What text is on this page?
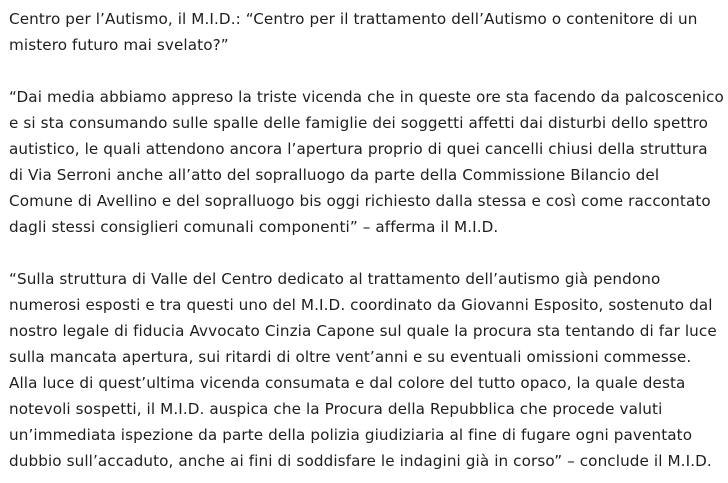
Centro per l’Autismo, il M.I.D.: “Centro per il trattamento dell’Autismo o contenitore di un
mistero futuro mai svelato?”

“Dai media abbiamo appreso la triste vicenda che in queste ore sta facendo da palcoscenico
e si sta consumando sulle spalle delle famiglie dei soggetti affetti dai disturbi dello spettro
autistico, le quali attendono ancora l’apertura proprio di quei cancelli chiusi della struttura
di Via Serroni anche all’atto del sopralluogo da parte della Commissione Bilancio del
Comune di Avellino e del sopralluogo bis oggi richiesto dalla stessa e così come raccontato
dagli stessi consiglieri comunali componenti” – afferma il M.I.D.

“Sulla struttura di Valle del Centro dedicato al trattamento dell’autismo già pendono
numerosi esposti e tra questi uno del M.I.D. coordinato da Giovanni Esposito, sostenuto dal
nostro legale di fiducia Avvocato Cinzia Capone sul quale la procura sta tentando di far luce
sulla mancata apertura, sui ritardi di oltre vent’anni e su eventuali omissioni commesse.
Alla luce di quest’ultima vicenda consumata e dal colore del tutto opaco, la quale desta
notevoli sospetti, il M.I.D. auspica che la Procura della Repubblica che procede valuti
un’immediata ispezione da parte della polizia giudiziaria al fine di fugare ogni paventato
dubbio sull’accaduto, anche ai fini di soddisfare le indagini già in corso” – conclude il M.I.D.
